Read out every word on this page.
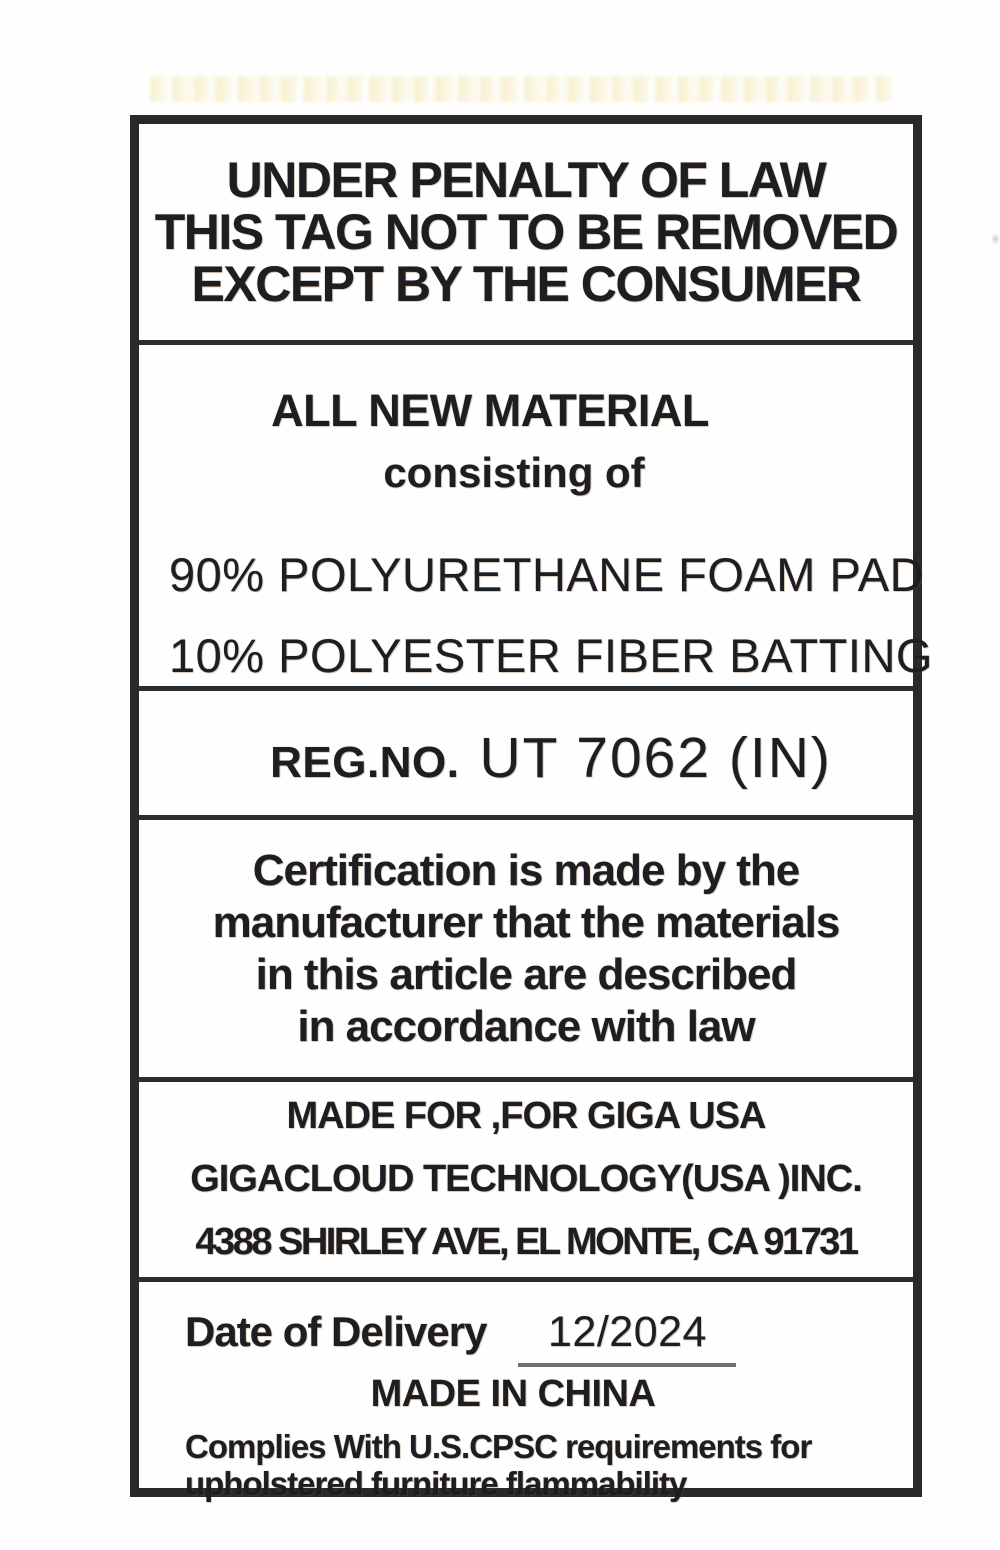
UNDER PENALTY OF LAW
THIS TAG NOT TO BE REMOVED
EXCEPT BY THE CONSUMER
ALL NEW MATERIAL
consisting of
90% POLYURETHANE FOAM PAD
10% POLYESTER FIBER BATTING
REG.NO. UT 7062 (IN)
Certification is made by the
manufacturer that the materials
in this article are described
in accordance with law
MADE FOR ,FOR GIGA USA
GIGACLOUD TECHNOLOGY(USA )INC.
4388 SHIRLEY AVE, EL MONTE, CA 91731
Date of Delivery	12/2024
MADE IN CHINA
Complies With U.S.CPSC requirements for
upholstered furniture flammability
